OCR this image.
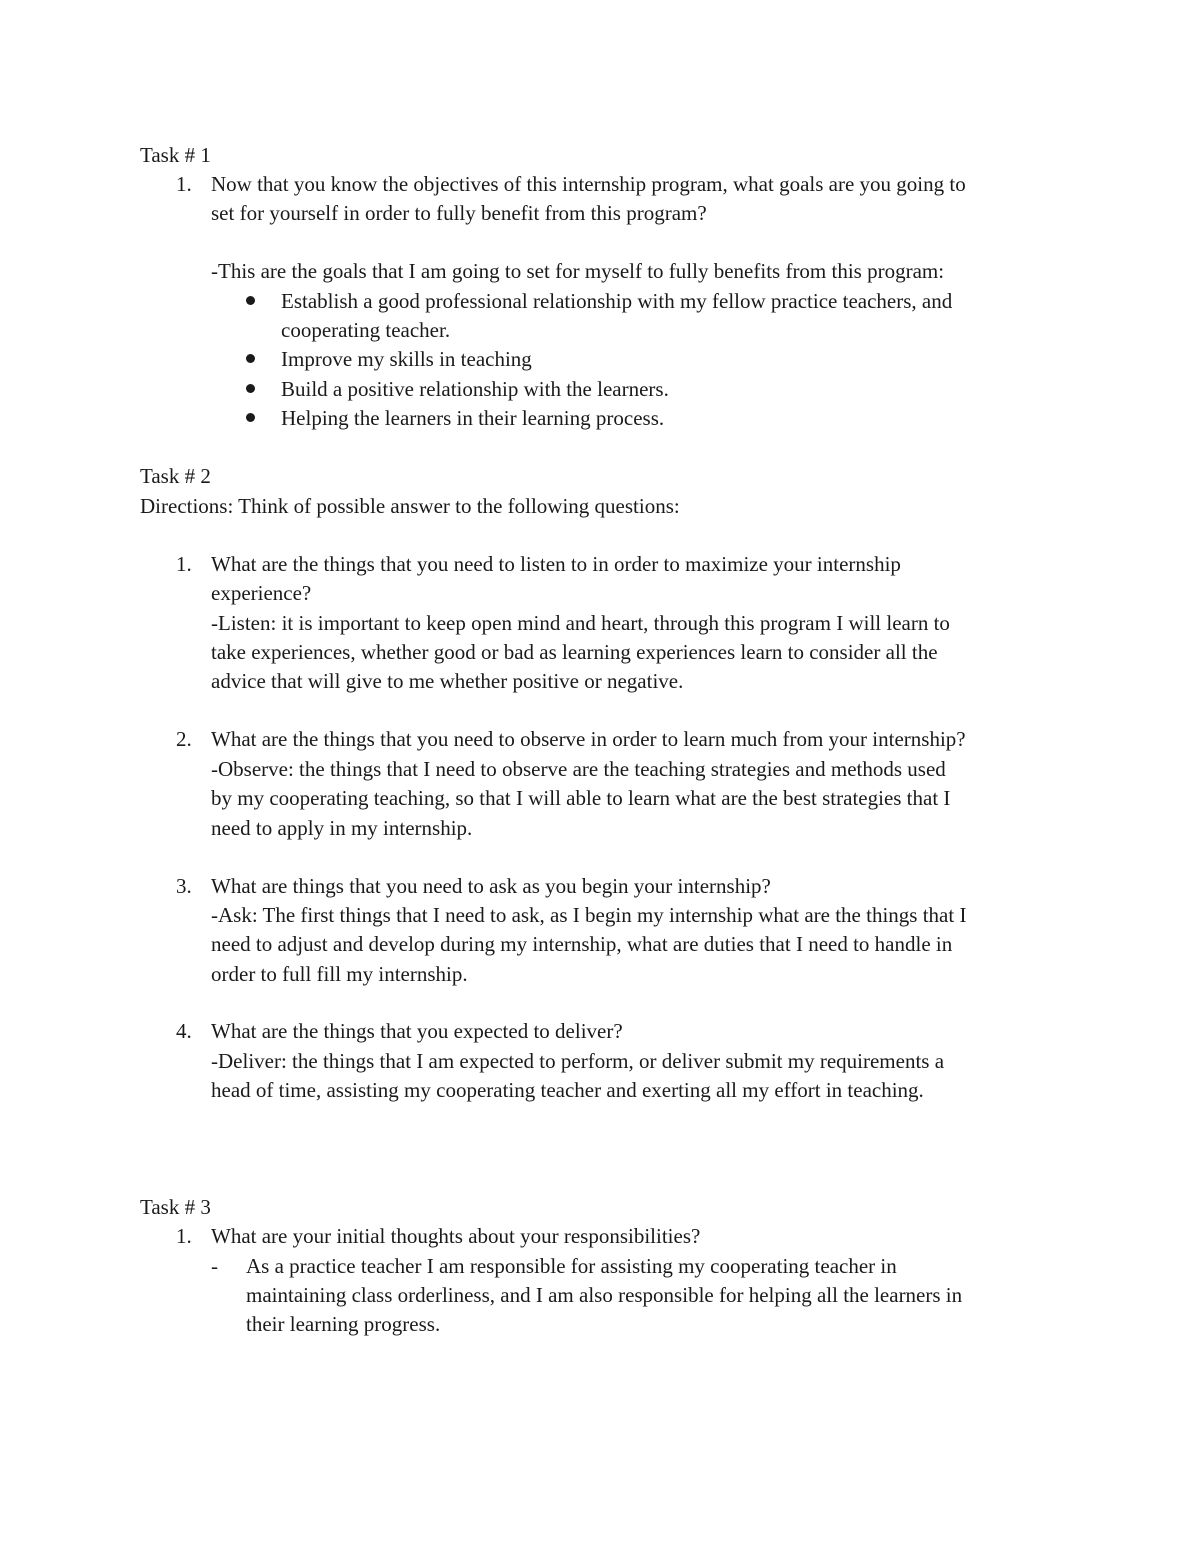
Task # 1
1. Now that you know the objectives of this internship program, what goals are you going to
set for yourself in order to fully benefit from this program?
-This are the goals that I am going to set for myself to fully benefits from this program:
Establish a good professional relationship with my fellow practice teachers, and
cooperating teacher.
Improve my skills in teaching
Build a positive relationship with the learners.
Helping the learners in their learning process.
Task # 2
Directions: Think of possible answer to the following questions:
1. What are the things that you need to listen to in order to maximize your internship
experience?
-Listen: it is important to keep open mind and heart, through this program I will learn to
take experiences, whether good or bad as learning experiences learn to consider all the
advice that will give to me whether positive or negative.
2. What are the things that you need to observe in order to learn much from your internship?
-Observe: the things that I need to observe are the teaching strategies and methods used
by my cooperating teaching, so that I will able to learn what are the best strategies that I
need to apply in my internship.
3. What are things that you need to ask as you begin your internship?
-Ask: The first things that I need to ask, as I begin my internship what are the things that I
need to adjust and develop during my internship, what are duties that I need to handle in
order to full fill my internship.
4. What are the things that you expected to deliver?
-Deliver: the things that I am expected to perform, or deliver submit my requirements a
head of time, assisting my cooperating teacher and exerting all my effort in teaching.
Task # 3
1. What are your initial thoughts about your responsibilities?
- As a practice teacher I am responsible for assisting my cooperating teacher in
maintaining class orderliness, and I am also responsible for helping all the learners in
their learning progress.
